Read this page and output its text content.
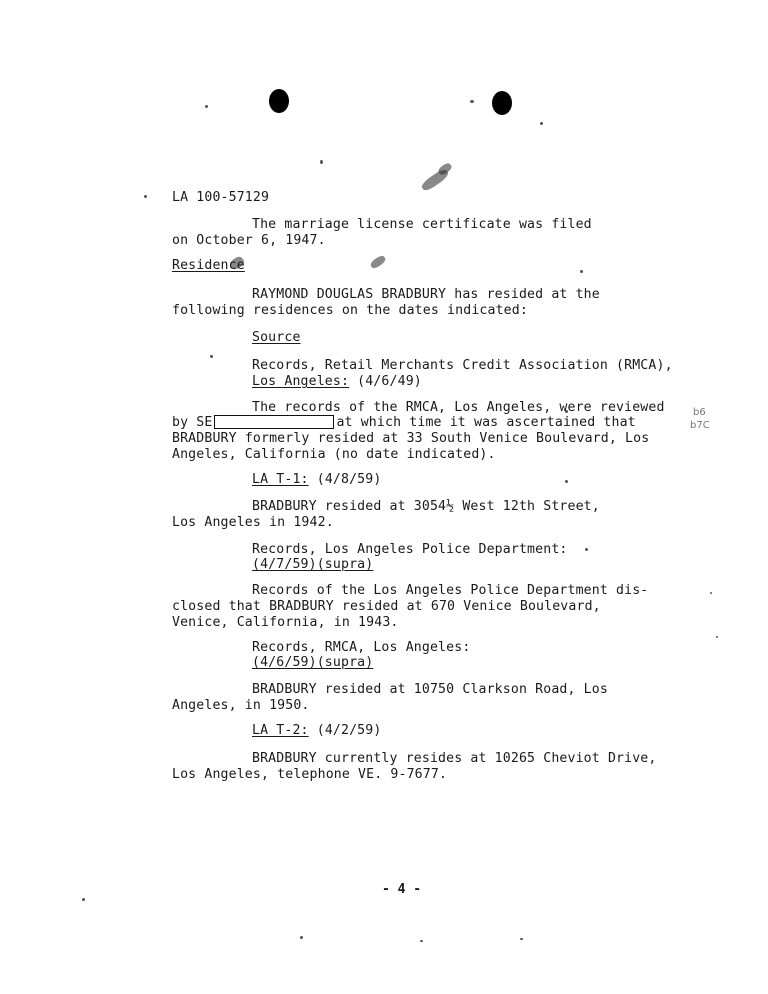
LA 100-57129
The marriage license certificate was filed
on October 6, 1947.
Residence
RAYMOND DOUGLAS BRADBURY has resided at the
following residences on the dates indicated:
Source
Records, Retail Merchants Credit Association (RMCA),
Los Angeles: (4/6/49)
The records of the RMCA, Los Angeles, were reviewed
by SE	at which time it was ascertained that
BRADBURY formerly resided at 33 South Venice Boulevard, Los
Angeles, California (no date indicated).
b6
b7C
LA T-1: (4/8/59)
BRADBURY resided at 3054½ West 12th Street,
Los Angeles in 1942.
Records, Los Angeles Police Department:
(4/7/59)(supra)
Records of the Los Angeles Police Department dis-
closed that BRADBURY resided at 670 Venice Boulevard,
Venice, California, in 1943.
Records, RMCA, Los Angeles:
(4/6/59)(supra)
BRADBURY resided at 10750 Clarkson Road, Los
Angeles, in 1950.
LA T-2: (4/2/59)
BRADBURY currently resides at 10265 Cheviot Drive,
Los Angeles, telephone VE. 9-7677.
- 4 -
